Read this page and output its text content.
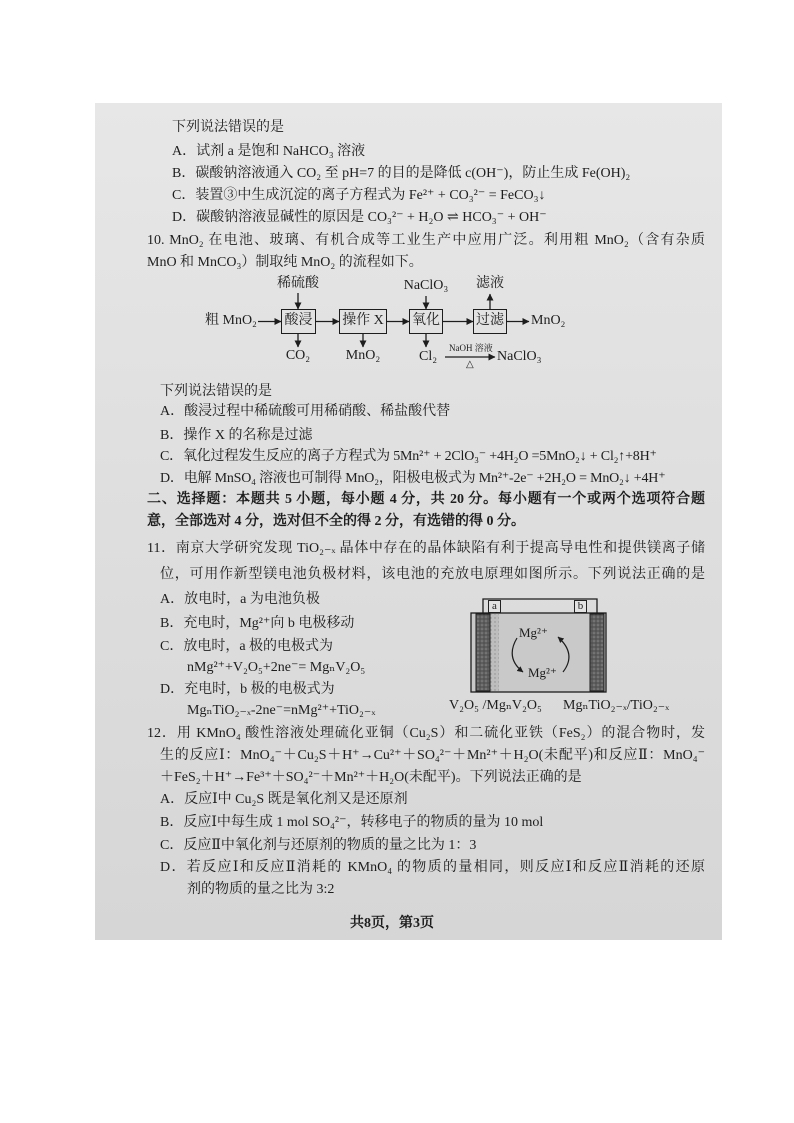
下列说法错误的是
A．试剂 a 是饱和 NaHCO₃ 溶液
B．碳酸钠溶液通入 CO₂ 至 pH=7 的目的是降低 c(OH⁻)，防止生成 Fe(OH)₂
C．装置③中生成沉淀的离子方程式为 Fe²⁺ + CO₃²⁻ = FeCO₃↓
D．碳酸钠溶液显碱性的原因是 CO₃²⁻ + H₂O ⇌ HCO₃⁻ + OH⁻
10. MnO₂ 在电池、玻璃、有机合成等工业生产中应用广泛。利用粗 MnO₂（含有杂质
MnO 和 MnCO₃）制取纯 MnO₂ 的流程如下。
稀硫酸	NaClO₃	滤液
粗 MnO₂ 酸浸 操作 X 氧化	过滤 MnO₂
CO₂	MnO₂	Cl₂
NaOH 溶液
△
NaClO₃
下列说法错误的是
A．酸浸过程中稀硫酸可用稀硝酸、稀盐酸代替
B．操作 X 的名称是过滤
C．氧化过程发生反应的离子方程式为 5Mn²⁺ + 2ClO₃⁻ +4H₂O =5MnO₂↓ + Cl₂↑+8H⁺
D．电解 MnSO₄ 溶液也可制得 MnO₂，阳极电极式为 Mn²⁺-2e⁻ +2H₂O = MnO₂↓ +4H⁺
二、选择题：本题共 5 小题，每小题 4 分，共 20 分。每小题有一个或两个选项符合题
意，全部选对 4 分，选对但不全的得 2 分，有选错的得 0 分。
11．南京大学研究发现 TiO₂₋ₓ 晶体中存在的晶体缺陷有利于提高导电性和提供镁离子储
位，可用作新型镁电池负极材料，该电池的充放电原理如图所示。下列说法正确的是
A．放电时，a 为电池负极
B．充电时，Mg²⁺向 b 电极移动
C．放电时，a 极的电极式为
nMg²⁺+V₂O₅+2ne⁻= MgₙV₂O₅
D．充电时，b 极的电极式为
MgₙTiO₂₋ₓ-2ne⁻=nMg²⁺+TiO₂₋ₓ
a	b
Mg²⁺
Mg²⁺
V₂O₅ /MgₙV₂O₅ MgₙTiO₂₋ₓ/TiO₂₋ₓ
12．用 KMnO₄ 酸性溶液处理硫化亚铜（Cu₂S）和二硫化亚铁（FeS₂）的混合物时，发
生的反应Ⅰ：MnO₄⁻＋Cu₂S＋H⁺→Cu²⁺＋SO₄²⁻＋Mn²⁺＋H₂O(未配平)和反应Ⅱ：MnO₄⁻
＋FeS₂＋H⁺→Fe³⁺＋SO₄²⁻＋Mn²⁺＋H₂O(未配平)。下列说法正确的是
A．反应Ⅰ中 Cu₂S 既是氧化剂又是还原剂
B．反应Ⅰ中每生成 1 mol SO₄²⁻，转移电子的物质的量为 10 mol
C．反应Ⅱ中氧化剂与还原剂的物质的量之比为 1：3
D．若反应Ⅰ和反应Ⅱ消耗的 KMnO₄ 的物质的量相同，则反应Ⅰ和反应Ⅱ消耗的还原
剂的物质的量之比为 3:2
共8页，第3页
